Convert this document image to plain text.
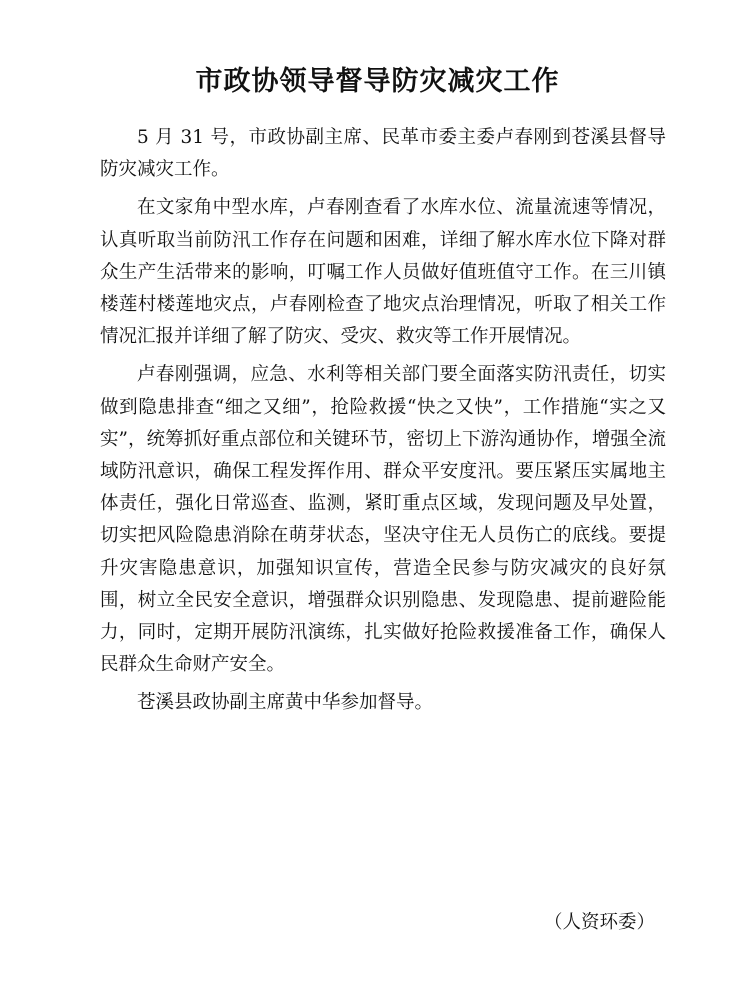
市政协领导督导防灾减灾工作

5 月 31 号，市政协副主席、民革市委主委卢春刚到苍溪县督导防灾减灾工作。

在文家角中型水库，卢春刚查看了水库水位、流量流速等情况，认真听取当前防汛工作存在问题和困难，详细了解水库水位下降对群众生产生活带来的影响，叮嘱工作人员做好值班值守工作。在三川镇楼莲村楼莲地灾点，卢春刚检查了地灾点治理情况，听取了相关工作情况汇报并详细了解了防灾、受灾、救灾等工作开展情况。

卢春刚强调，应急、水利等相关部门要全面落实防汛责任，切实做到隐患排查“细之又细”，抢险救援“快之又快”，工作措施“实之又实”，统筹抓好重点部位和关键环节，密切上下游沟通协作，增强全流域防汛意识，确保工程发挥作用、群众平安度汛。要压紧压实属地主体责任，强化日常巡查、监测，紧盯重点区域，发现问题及早处置，切实把风险隐患消除在萌芽状态，坚决守住无人员伤亡的底线。要提升灾害隐患意识，加强知识宣传，营造全民参与防灾减灾的良好氛围，树立全民安全意识，增强群众识别隐患、发现隐患、提前避险能力，同时，定期开展防汛演练，扎实做好抢险救援准备工作，确保人民群众生命财产安全。

苍溪县政协副主席黄中华参加督导。

（人资环委）
